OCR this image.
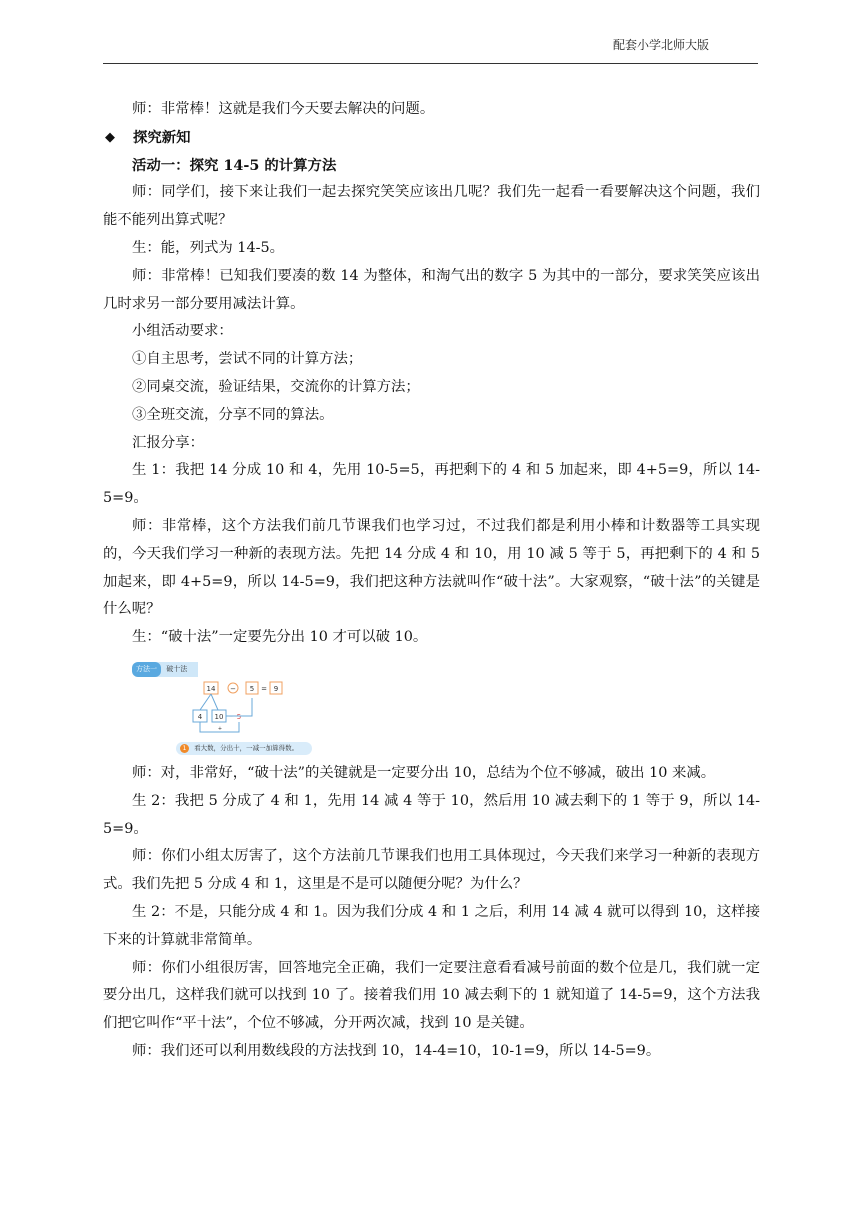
配套小学北师大版

师：非常棒！这就是我们今天要去解决的问题。

◆ 探究新知

活动一：探究 14-5 的计算方法

师：同学们，接下来让我们一起去探究笑笑应该出几呢？我们先一起看一看要解决这个问题，我们能不能列出算式呢？

生：能，列式为 14-5。

师：非常棒！已知我们要凑的数 14 为整体，和淘气出的数字 5 为其中的一部分，要求笑笑应该出几时求另一部分要用减法计算。

小组活动要求：

①自主思考，尝试不同的计算方法；

②同桌交流，验证结果，交流你的计算方法；

③全班交流，分享不同的算法。

汇报分享：

生 1：我把 14 分成 10 和 4，先用 10-5=5，再把剩下的 4 和 5 加起来，即 4+5=9，所以 14-5=9。

师：非常棒，这个方法我们前几节课我们也学习过，不过我们都是利用小棒和计数器等工具实现的，今天我们学习一种新的表现方法。先把 14 分成 4 和 10，用 10 减 5 等于 5，再把剩下的 4 和 5 加起来，即 4+5=9，所以 14-5=9，我们把这种方法就叫作“破十法”。大家观察，“破十法”的关键是什么呢？

生：“破十法”一定要先分出 10 才可以破 10。

方法一 破十法
14 − 5 = 9
4 10 − 5
+
1 看大数，分出十，一减一加算得数。

师：对，非常好，“破十法”的关键就是一定要分出 10，总结为个位不够减，破出 10 来减。

生 2：我把 5 分成了 4 和 1，先用 14 减 4 等于 10，然后用 10 减去剩下的 1 等于 9，所以 14-5=9。

师：你们小组太厉害了，这个方法前几节课我们也用工具体现过，今天我们来学习一种新的表现方式。我们先把 5 分成 4 和 1，这里是不是可以随便分呢？为什么？

生 2：不是，只能分成 4 和 1。因为我们分成 4 和 1 之后，利用 14 减 4 就可以得到 10，这样接下来的计算就非常简单。

师：你们小组很厉害，回答地完全正确，我们一定要注意看看减号前面的数个位是几，我们就一定要分出几，这样我们就可以找到 10 了。接着我们用 10 减去剩下的 1 就知道了 14-5=9，这个方法我们把它叫作“平十法”，个位不够减，分开两次减，找到 10 是关键。

师：我们还可以利用数线段的方法找到 10，14-4=10，10-1=9，所以 14-5=9。
